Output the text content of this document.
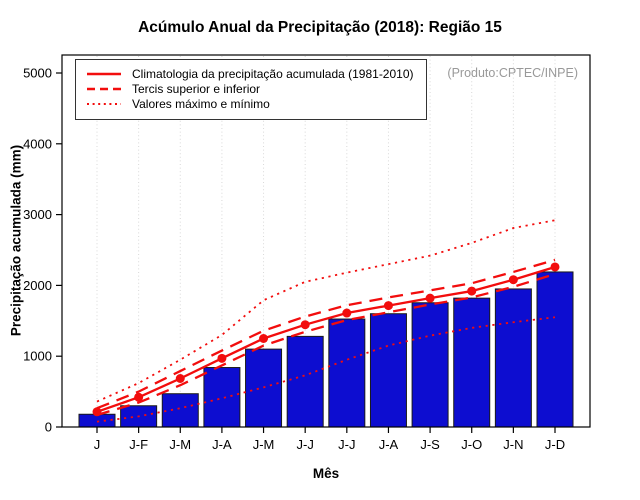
Acúmulo Anual da Precipitação (2018): Região 15
Precipitação acumulada (mm)
0
1000
2000
3000
4000
5000
J J-F J-M J-A J-M J-J J-J J-A J-S J-O J-N J-D
Climatologia da precipitação acumulada (1981-2010)
Tercis superior e inferior
Valores máximo e mínimo
(Produto:CPTEC/INPE)
Mês
